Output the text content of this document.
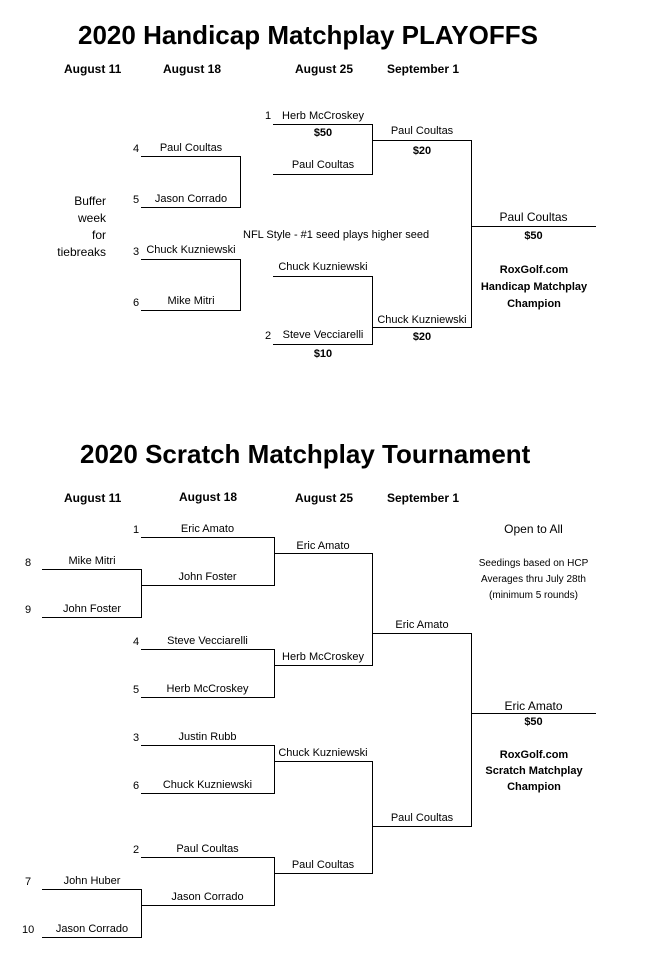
2020 Handicap Matchplay PLAYOFFS
August 11	August 18	August 25	September 1
Buffer
week
for
tiebreaks
NFL Style - #1 seed plays higher seed
4	Paul Coultas
5	Jason Corrado
3 Chuck Kuzniewski
6	Mike Mitri
1 Herb McCroskey
$50
Paul Coultas
Chuck Kuzniewski
2	Steve Vecciarelli
$10
Paul Coultas
$20
Chuck Kuzniewski
$20
Paul Coultas
$50
RoxGolf.com
Handicap Matchplay
Champion
2020 Scratch Matchplay Tournament
August 11	August 18	August 25	September 1
Open to All
Seedings based on HCP
Averages thru July 28th
(minimum 5 rounds)
8	Mike Mitri
9	John Foster
7	John Huber
10	Jason Corrado
1	Eric Amato
John Foster
4	Steve Vecciarelli
5	Herb McCroskey
3	Justin Rubb
6	Chuck Kuzniewski
2	Paul Coultas
Jason Corrado
Eric Amato
Herb McCroskey
Chuck Kuzniewski
Paul Coultas
Eric Amato
Paul Coultas
Eric Amato
$50
RoxGolf.com
Scratch Matchplay
Champion
